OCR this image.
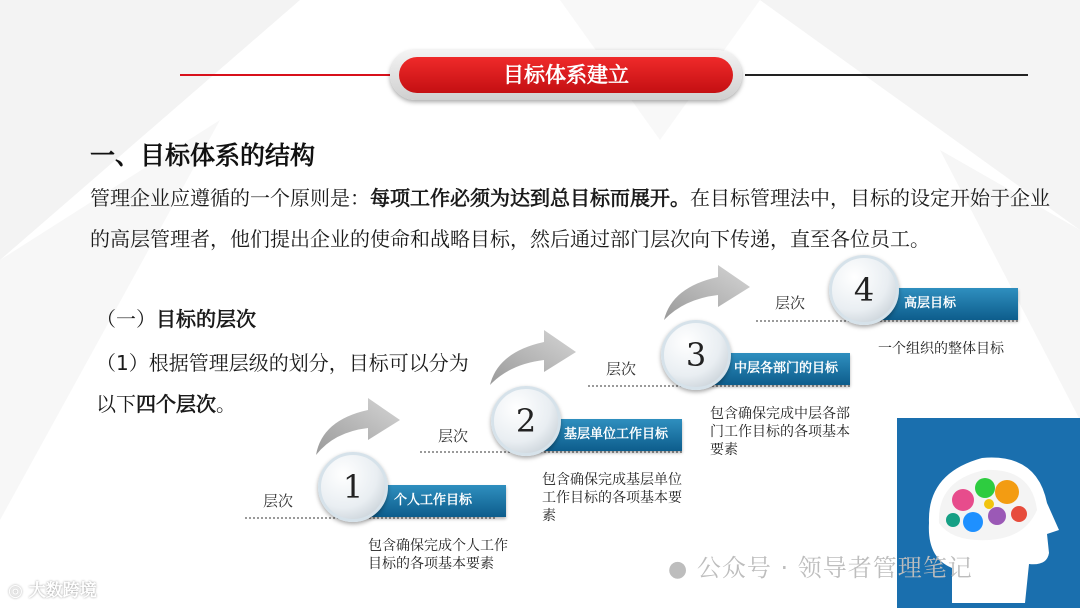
目标体系建立
一、目标体系的结构
管理企业应遵循的一个原则是：每项工作必须为达到总目标而展开。在目标管理法中，目标的设定开始于企业的高层管理者，他们提出企业的使命和战略目标，然后通过部门层次向下传递，直至各位员工。
（一）目标的层次
（1）根据管理层级的划分，目标可以分为以下四个层次。
层次	个人工作目标
1
包含确保完成个人工作目标的各项基本要素
层次	基层单位工作目标
2
包含确保完成基层单位工作目标的各项基本要素
层次	中层各部门的目标
3
包含确保完成中层各部门工作目标的各项基本要素
层次	高层目标
4
一个组织的整体目标
● 公众号 · 领导者管理笔记
◎ 大数跨境
